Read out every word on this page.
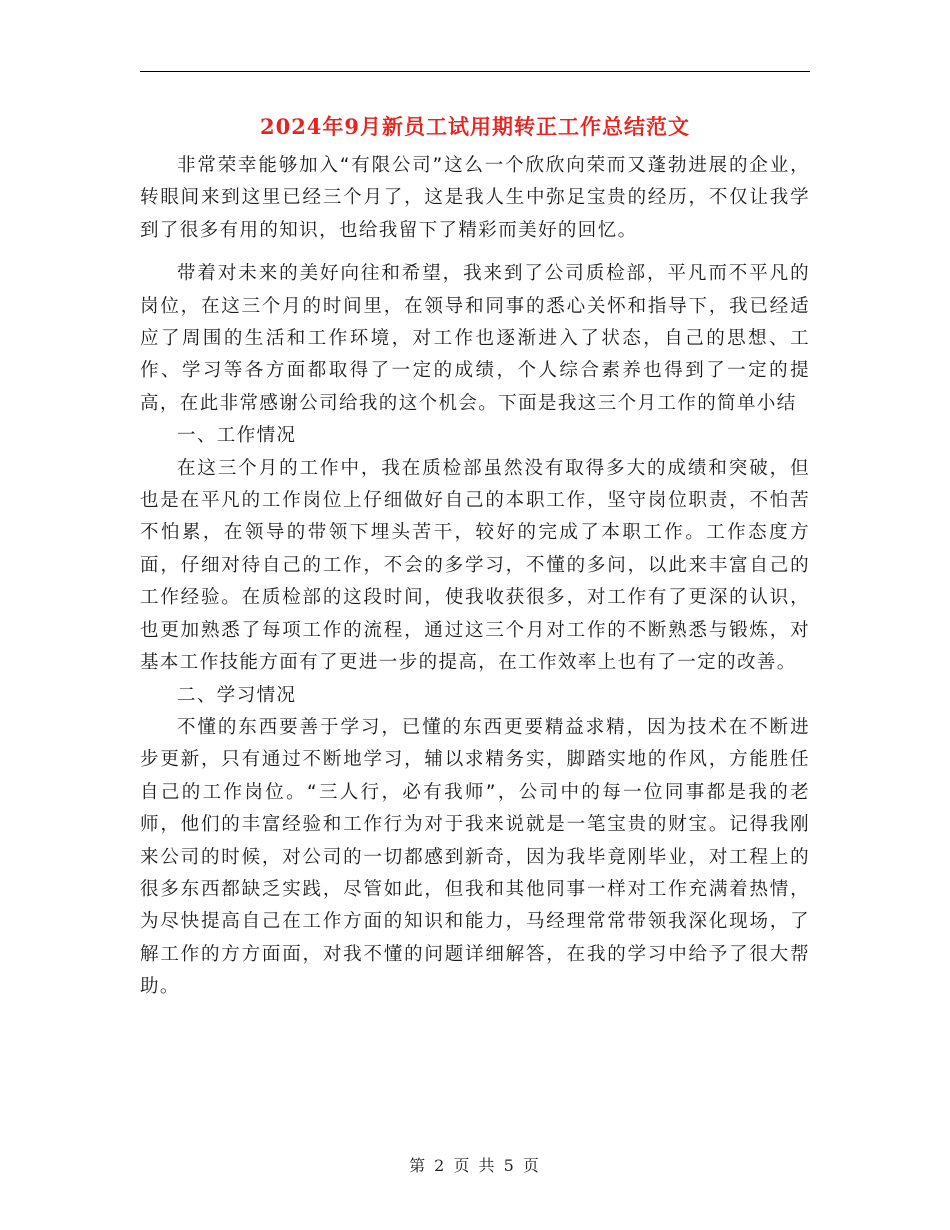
2024年9月新员工试用期转正工作总结范文

非常荣幸能够加入“有限公司”这么一个欣欣向荣而又蓬勃进展的企业，转眼间来到这里已经三个月了，这是我人生中弥足宝贵的经历，不仅让我学到了很多有用的知识，也给我留下了精彩而美好的回忆。

带着对未来的美好向往和希望，我来到了公司质检部，平凡而不平凡的岗位，在这三个月的时间里，在领导和同事的悉心关怀和指导下，我已经适应了周围的生活和工作环境，对工作也逐渐进入了状态，自己的思想、工作、学习等各方面都取得了一定的成绩，个人综合素养也得到了一定的提高，在此非常感谢公司给我的这个机会。下面是我这三个月工作的简单小结

一、工作情况

在这三个月的工作中，我在质检部虽然没有取得多大的成绩和突破，但也是在平凡的工作岗位上仔细做好自己的本职工作，坚守岗位职责，不怕苦不怕累，在领导的带领下埋头苦干，较好的完成了本职工作。工作态度方面，仔细对待自己的工作，不会的多学习，不懂的多问，以此来丰富自己的工作经验。在质检部的这段时间，使我收获很多，对工作有了更深的认识，也更加熟悉了每项工作的流程，通过这三个月对工作的不断熟悉与锻炼，对基本工作技能方面有了更进一步的提高，在工作效率上也有了一定的改善。

二、学习情况

不懂的东西要善于学习，已懂的东西更要精益求精，因为技术在不断进步更新，只有通过不断地学习，辅以求精务实，脚踏实地的作风，方能胜任自己的工作岗位。“三人行，必有我师”，公司中的每一位同事都是我的老师，他们的丰富经验和工作行为对于我来说就是一笔宝贵的财宝。记得我刚来公司的时候，对公司的一切都感到新奇，因为我毕竟刚毕业，对工程上的很多东西都缺乏实践，尽管如此，但我和其他同事一样对工作充满着热情，为尽快提高自己在工作方面的知识和能力，马经理常常带领我深化现场，了解工作的方方面面，对我不懂的问题详细解答，在我的学习中给予了很大帮助。

第 2 页 共 5 页
